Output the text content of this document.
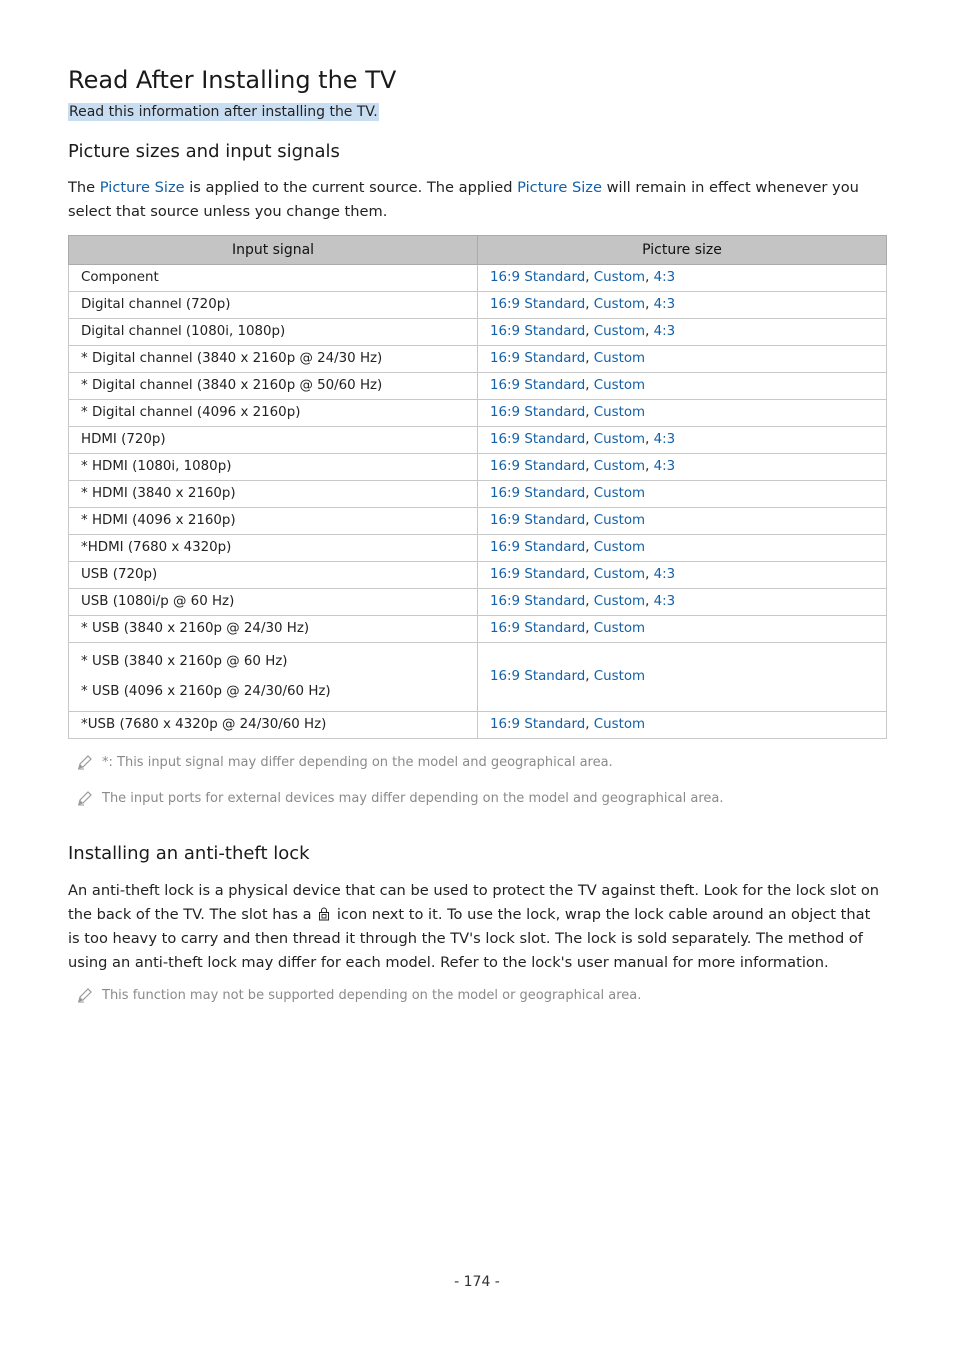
Read After Installing the TV
Read this information after installing the TV.
Picture sizes and input signals

The Picture Size is applied to the current source. The applied Picture Size will remain in effect whenever you select that source unless you change them.

Input signal	Picture size
Component	16:9 Standard, Custom, 4:3
Digital channel (720p)	16:9 Standard, Custom, 4:3
Digital channel (1080i, 1080p)	16:9 Standard, Custom, 4:3
* Digital channel (3840 x 2160p @ 24/30 Hz)	16:9 Standard, Custom
* Digital channel (3840 x 2160p @ 50/60 Hz)	16:9 Standard, Custom
* Digital channel (4096 x 2160p)	16:9 Standard, Custom
HDMI (720p)	16:9 Standard, Custom, 4:3
* HDMI (1080i, 1080p)	16:9 Standard, Custom, 4:3
* HDMI (3840 x 2160p)	16:9 Standard, Custom
* HDMI (4096 x 2160p)	16:9 Standard, Custom
*HDMI (7680 x 4320p)	16:9 Standard, Custom
USB (720p)	16:9 Standard, Custom, 4:3
USB (1080i/p @ 60 Hz)	16:9 Standard, Custom, 4:3
* USB (3840 x 2160p @ 24/30 Hz)	16:9 Standard, Custom

* USB (3840 x 2160p @ 60 Hz)
* USB (4096 x 2160p @ 24/30/60 Hz)	16:9 Standard, Custom
*USB (7680 x 4320p @ 24/30/60 Hz)	16:9 Standard, Custom
*: This input signal may differ depending on the model and geographical area.
The input ports for external devices may differ depending on the model and geographical area.
Installing an anti-theft lock

An anti-theft lock is a physical device that can be used to protect the TV against theft. Look for the lock slot on the back of the TV. The slot has a  icon next to it. To use the lock, wrap the lock cable around an object that is too heavy to carry and then thread it through the TV's lock slot. The lock is sold separately. The method of using an anti-theft lock may differ for each model. Refer to the lock's user manual for more information.

This function may not be supported depending on the model or geographical area.
- 174 -
